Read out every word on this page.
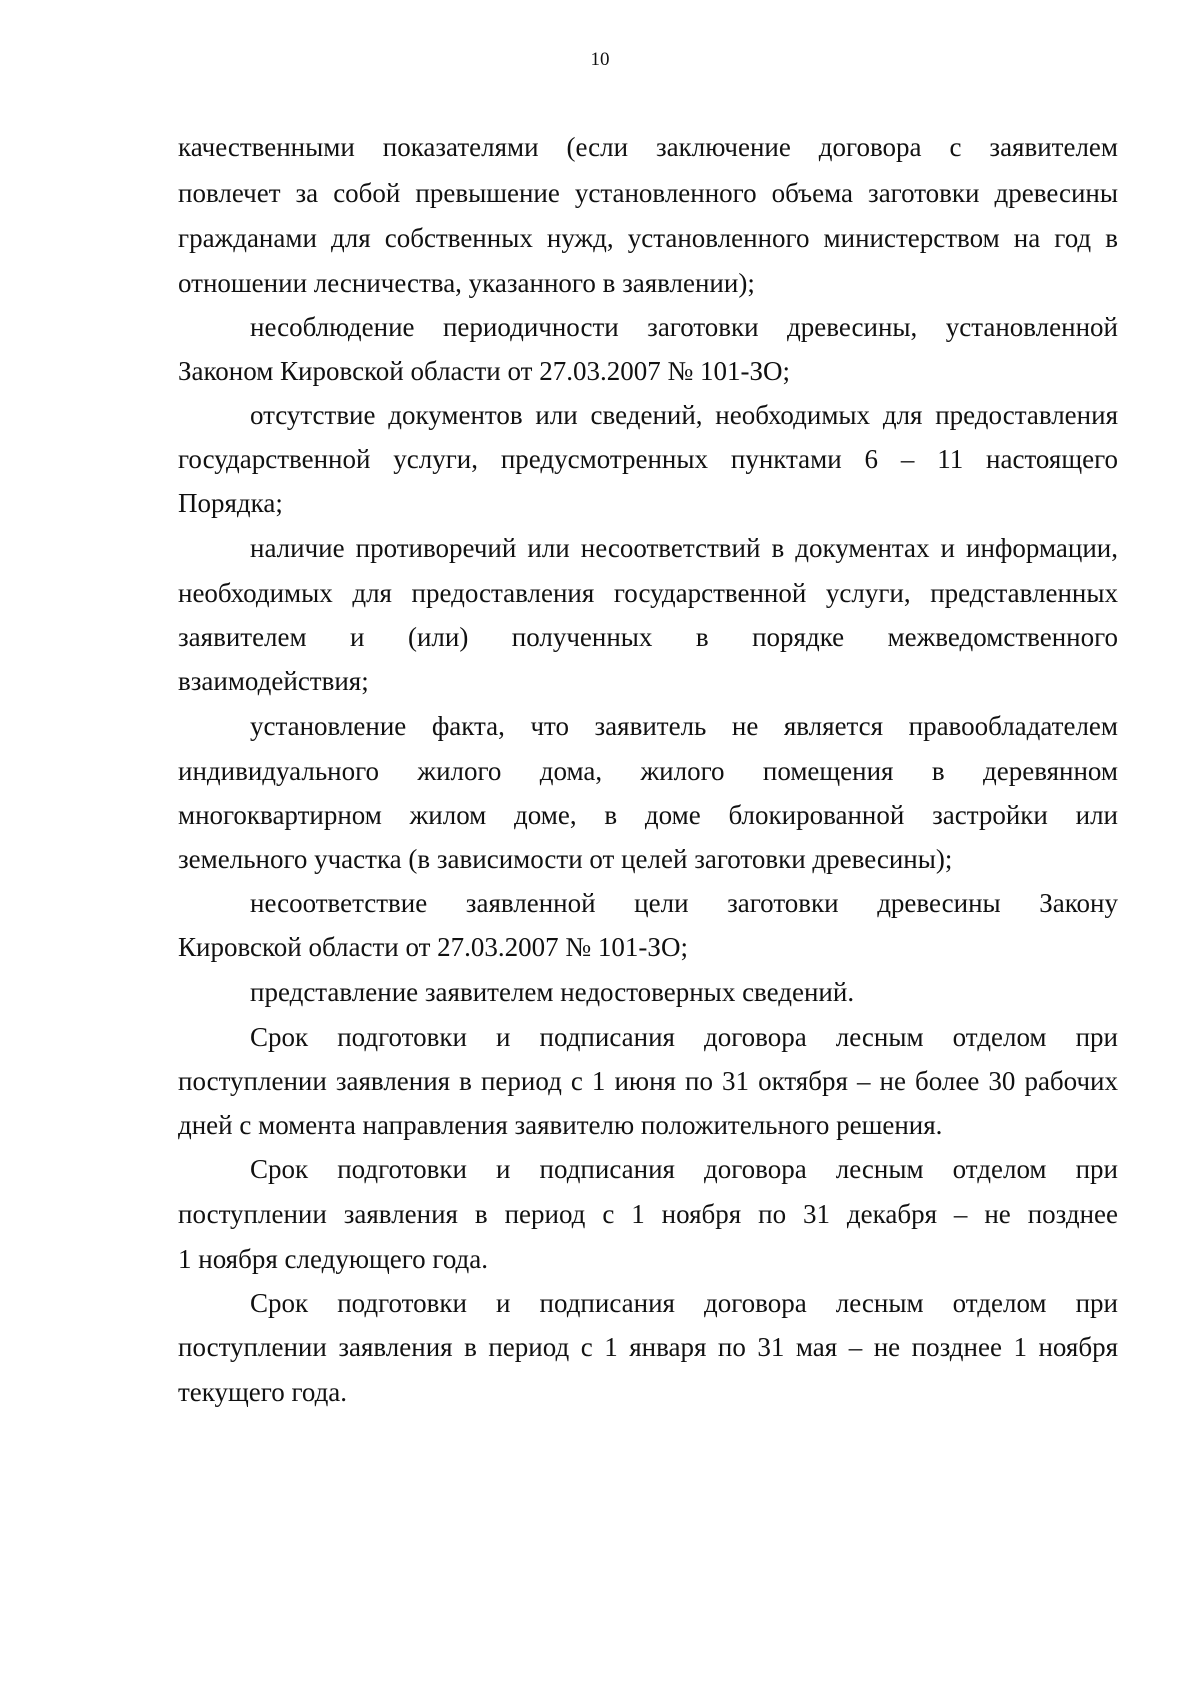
10
качественными показателями (если заключение договора с заявителем
повлечет за собой превышение установленного объема заготовки древесины
гражданами для собственных нужд, установленного министерством на год в
отношении лесничества, указанного в заявлении);
несоблюдение периодичности заготовки древесины, установленной
Законом Кировской области от 27.03.2007 № 101-ЗО;
отсутствие документов или сведений, необходимых для предоставления
государственной услуги, предусмотренных пунктами 6 – 11 настоящего
Порядка;
наличие противоречий или несоответствий в документах и информации,
необходимых для предоставления государственной услуги, представленных
заявителем и (или) полученных в порядке межведомственного
взаимодействия;
установление факта, что заявитель не является правообладателем
индивидуального жилого дома, жилого помещения в деревянном
многоквартирном жилом доме, в доме блокированной застройки или
земельного участка (в зависимости от целей заготовки древесины);
несоответствие заявленной цели заготовки древесины Закону
Кировской области от 27.03.2007 № 101-ЗО;
представление заявителем недостоверных сведений.
Срок подготовки и подписания договора лесным отделом при
поступлении заявления в период с 1 июня по 31 октября – не более 30 рабочих
дней с момента направления заявителю положительного решения.
Срок подготовки и подписания договора лесным отделом при
поступлении заявления в период с 1 ноября по 31 декабря – не позднее
1 ноября следующего года.
Срок подготовки и подписания договора лесным отделом при
поступлении заявления в период с 1 января по 31 мая – не позднее 1 ноября
текущего года.
